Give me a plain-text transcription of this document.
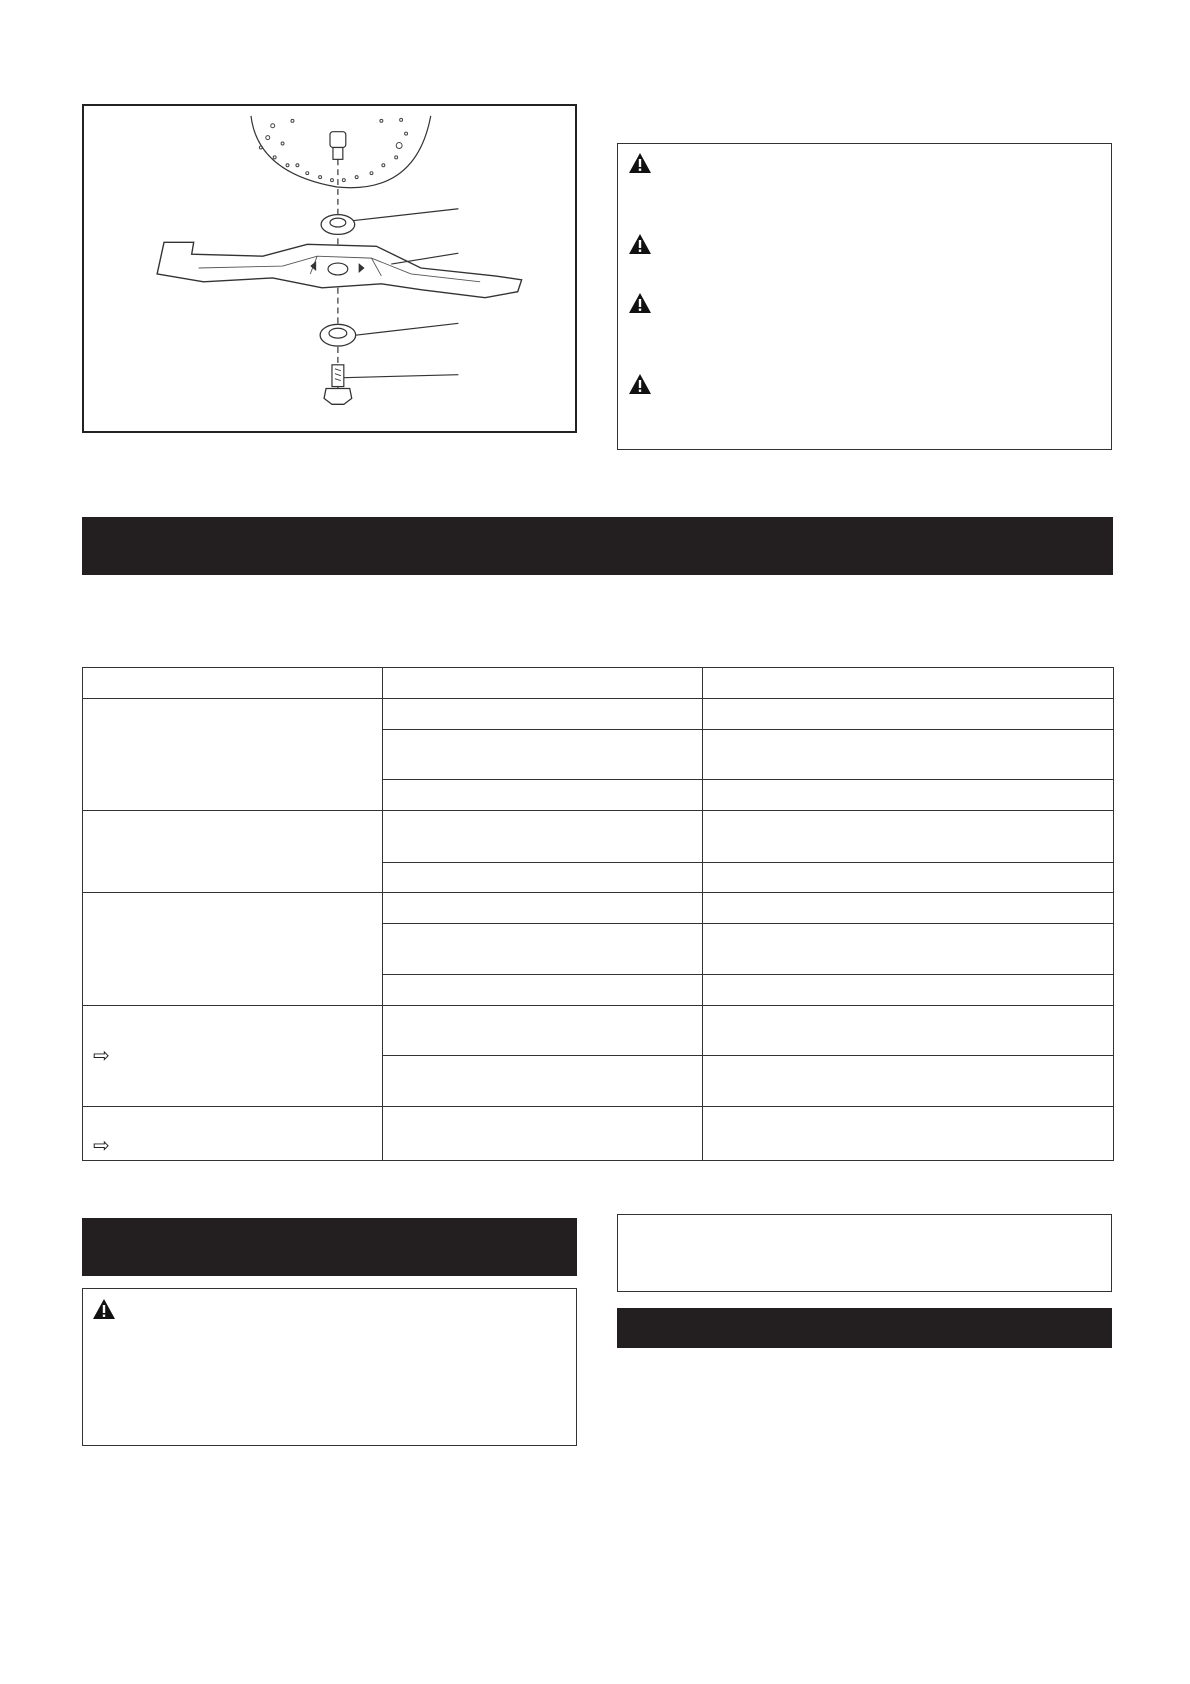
⇨		

⇨		
